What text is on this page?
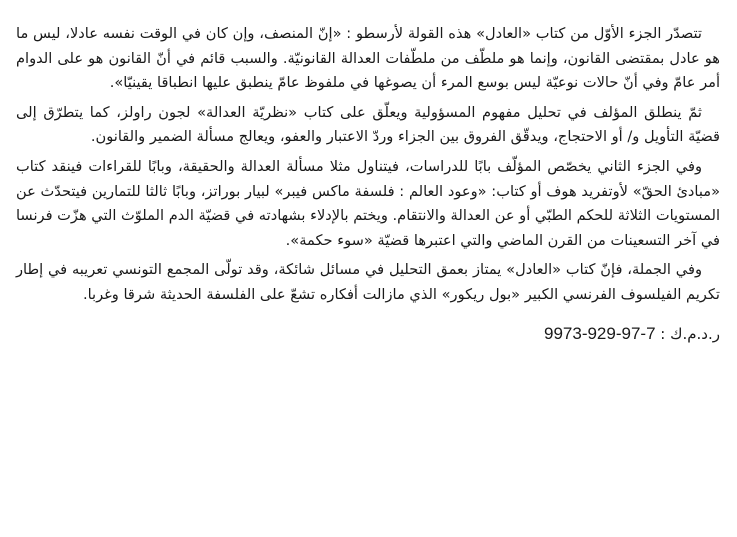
تتصدّر الجزء الأوّل من كتاب «العادل» هذه القولة لأرسطو : «إنّ المنصف، وإن كان في الوقت نفسه عادلا، ليس ما هو عادل بمقتضى القانون، وإنما هو ملطّف من ملطّفات العدالة القانونيّة. والسبب قائم في أنّ القانون هو على الدوام أمر عامّ وفي أنّ حالات نوعيّة ليس بوسع المرء أن يصوغها في ملفوظ عامّ ينطبق عليها انطباقا يقينيّا».

ثمّ ينطلق المؤلف في تحليل مفهوم المسؤولية ويعلّق على كتاب «نظريّة العدالة» لجون راولز، كما يتطرّق إلى قضيّة التأويل و/ أو الاحتجاج، ويدقّق الفروق بين الجزاء وردّ الاعتبار والعفو، ويعالج مسألة الضمير والقانون.

وفي الجزء الثاني يخصّص المؤلّف بابًا للدراسات، فيتناول مثلا مسألة العدالة والحقيقة، وبابًا للقراءات فينقد كتاب «مبادئ الحقّ» لأوتفريد هوف أو كتاب: «وعود العالم : فلسفة ماكس فيبر» لبيار بوراتز، وبابًا ثالثا للتمارين فيتحدّث عن المستويات الثلاثة للحكم الطبّي أو عن العدالة والانتقام. ويختم بالإدلاء بشهادته في قضيّة الدم الملوّث التي هزّت فرنسا في آخر التسعينات من القرن الماضي والتي اعتبرها قضيّة «سوء حكمة».

وفي الجملة، فإنّ كتاب «العادل» يمتاز بعمق التحليل في مسائل شائكة، وقد تولّى المجمع التونسي تعريبه في إطار تكريم الفيلسوف الفرنسي الكبير «بول ريكور» الذي مازالت أفكاره تشعّ على الفلسفة الحديثة شرقا وغربا.

ر.د.م.ك : 9973-929-97-7
